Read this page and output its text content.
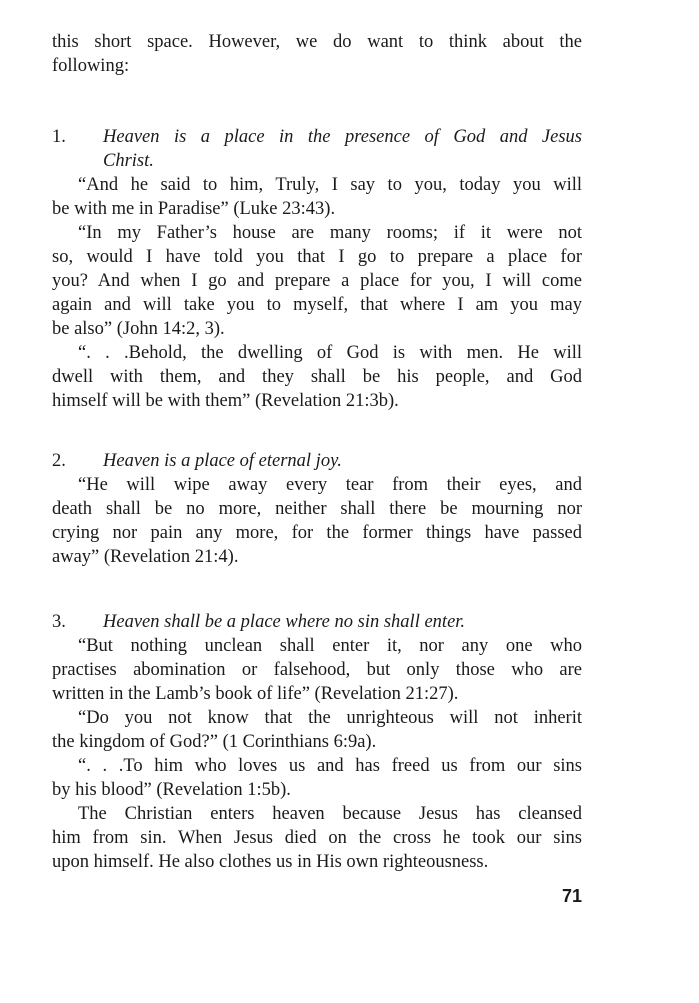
this short space. However, we do want to think about the
following:
1. Heaven is a place in the presence of God and Jesus
Christ.
“And he said to him, Truly, I say to you, today you will
be with me in Paradise” (Luke 23:43).
“In my Father’s house are many rooms; if it were not
so, would I have told you that I go to prepare a place for
you? And when I go and prepare a place for you, I will come
again and will take you to myself, that where I am you may
be also” (John 14:2, 3).
“. . .Behold, the dwelling of God is with men. He will
dwell with them, and they shall be his people, and God
himself will be with them” (Revelation 21:3b).
2. Heaven is a place of eternal joy.
“He will wipe away every tear from their eyes, and
death shall be no more, neither shall there be mourning nor
crying nor pain any more, for the former things have passed
away” (Revelation 21:4).
3. Heaven shall be a place where no sin shall enter.
“But nothing unclean shall enter it, nor any one who
practises abomination or falsehood, but only those who are
written in the Lamb’s book of life” (Revelation 21:27).
“Do you not know that the unrighteous will not inherit
the kingdom of God?” (1 Corinthians 6:9a).
“. . .To him who loves us and has freed us from our sins
by his blood” (Revelation 1:5b).
The Christian enters heaven because Jesus has cleansed
him from sin. When Jesus died on the cross he took our sins
upon himself. He also clothes us in His own righteousness.
71
